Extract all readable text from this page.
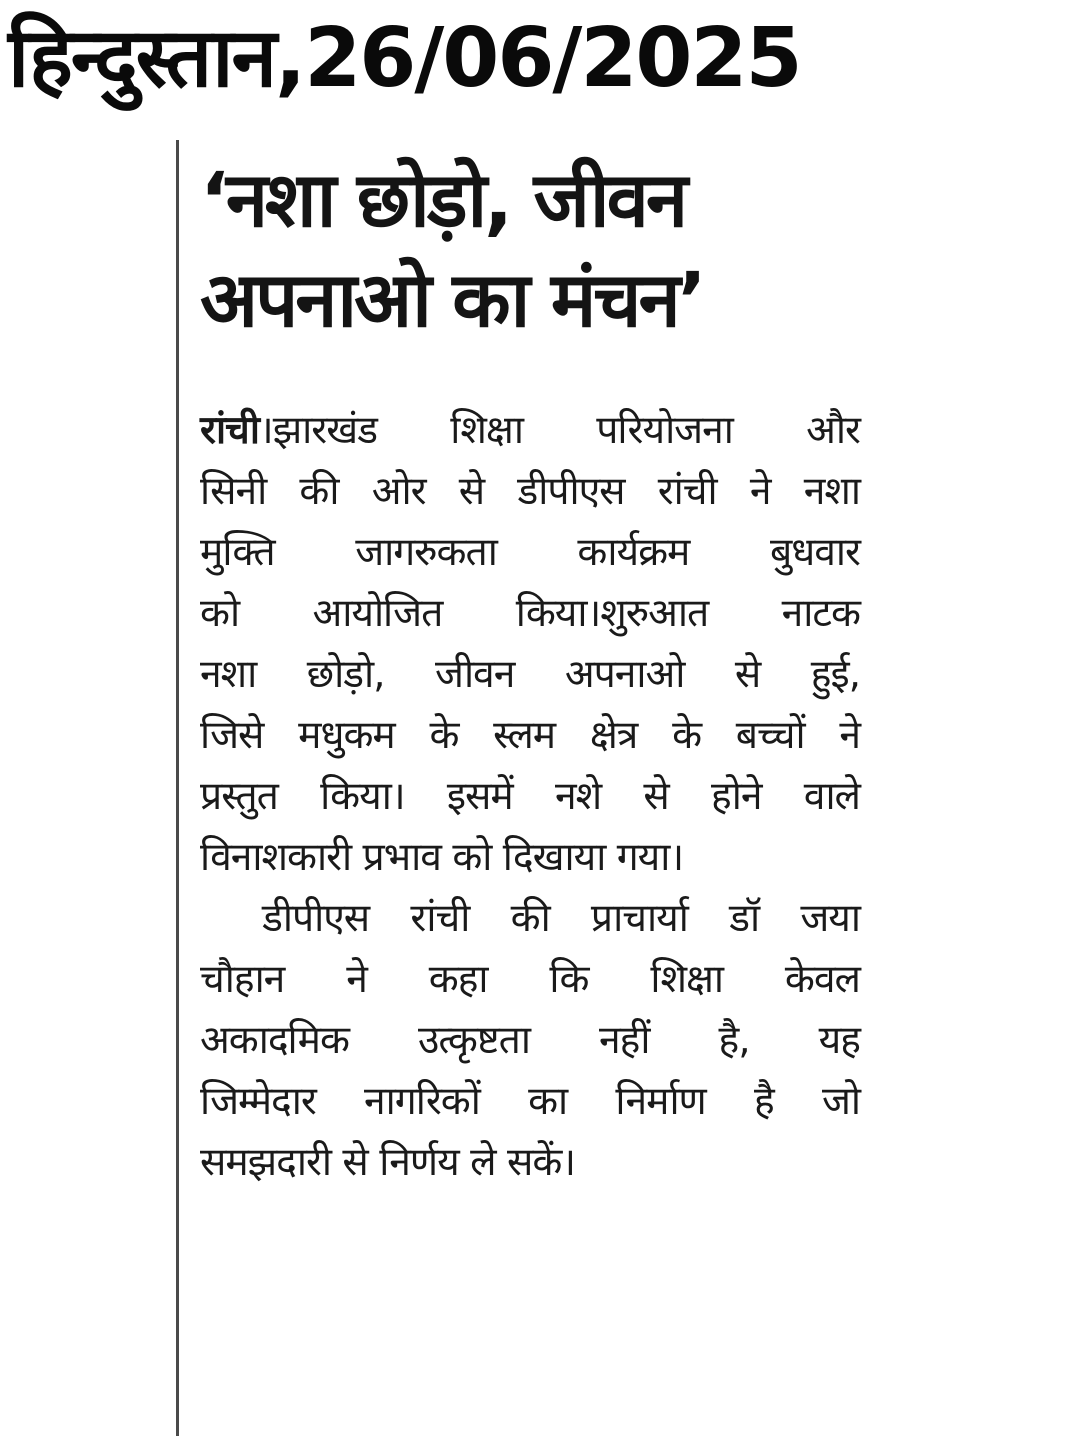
हिन्दुस्तान , 26/06/2025
‘नशा छोड़ो, जीवन
अपनाओ का मंचन’
रांची।झारखंड शिक्षा परियोजना और
सिनी की ओर से डीपीएस रांची ने नशा
मुक्ति जागरुकता कार्यक्रम बुधवार
को आयोजित किया।शुरुआत नाटक
नशा छोड़ो, जीवन अपनाओ से हुई,
जिसे मधुकम के स्लम क्षेत्र के बच्चों ने
प्रस्तुत किया। इसमें नशे से होने वाले
विनाशकारी प्रभाव को दिखाया गया।
डीपीएस रांची की प्राचार्या डॉ जया
चौहान ने कहा कि शिक्षा केवल
अकादमिक उत्कृष्टता नहीं है, यह
जिम्मेदार नागरिकों का निर्माण है जो
समझदारी से निर्णय ले सकें।
